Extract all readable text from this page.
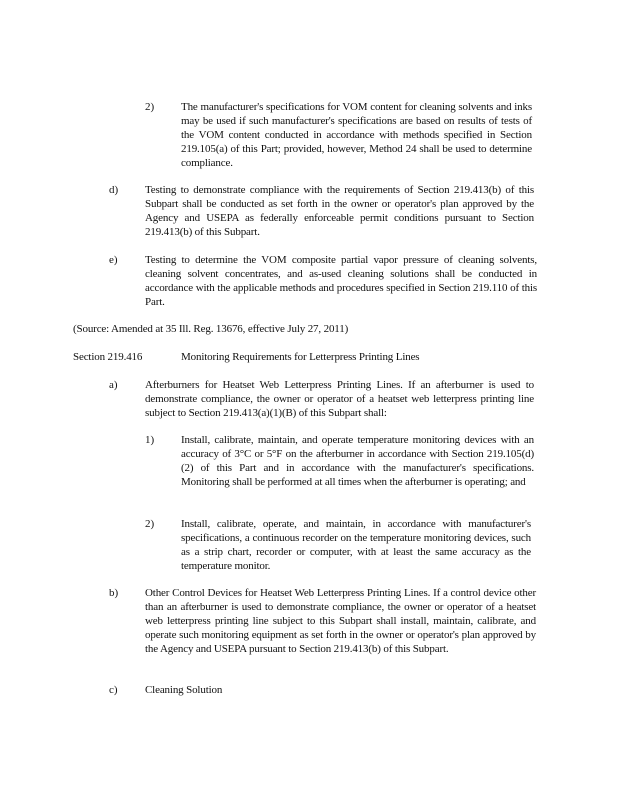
2) The manufacturer's specifications for VOM content for cleaning solvents and inks may be used if such manufacturer's specifications are based on results of tests of the VOM content conducted in accordance with methods specified in Section 219.105(a) of this Part; provided, however, Method 24 shall be used to determine compliance.
d) Testing to demonstrate compliance with the requirements of Section 219.413(b) of this Subpart shall be conducted as set forth in the owner or operator's plan approved by the Agency and USEPA as federally enforceable permit conditions pursuant to Section 219.413(b) of this Subpart.
e) Testing to determine the VOM composite partial vapor pressure of cleaning solvents, cleaning solvent concentrates, and as-used cleaning solutions shall be conducted in accordance with the applicable methods and procedures specified in Section 219.110 of this Part.
(Source: Amended at 35 Ill. Reg. 13676, effective July 27, 2011)
Section 219.416	Monitoring Requirements for Letterpress Printing Lines
a) Afterburners for Heatset Web Letterpress Printing Lines. If an afterburner is used to demonstrate compliance, the owner or operator of a heatset web letterpress printing line subject to Section 219.413(a)(1)(B) of this Subpart shall:
1) Install, calibrate, maintain, and operate temperature monitoring devices with an accuracy of 3°C or 5°F on the afterburner in accordance with Section 219.105(d)(2) of this Part and in accordance with the manufacturer's specifications. Monitoring shall be performed at all times when the afterburner is operating; and
2) Install, calibrate, operate, and maintain, in accordance with manufacturer's specifications, a continuous recorder on the temperature monitoring devices, such as a strip chart, recorder or computer, with at least the same accuracy as the temperature monitor.
b) Other Control Devices for Heatset Web Letterpress Printing Lines. If a control device other than an afterburner is used to demonstrate compliance, the owner or operator of a heatset web letterpress printing line subject to this Subpart shall install, maintain, calibrate, and operate such monitoring equipment as set forth in the owner or operator's plan approved by the Agency and USEPA pursuant to Section 219.413(b) of this Subpart.
c) Cleaning Solution
